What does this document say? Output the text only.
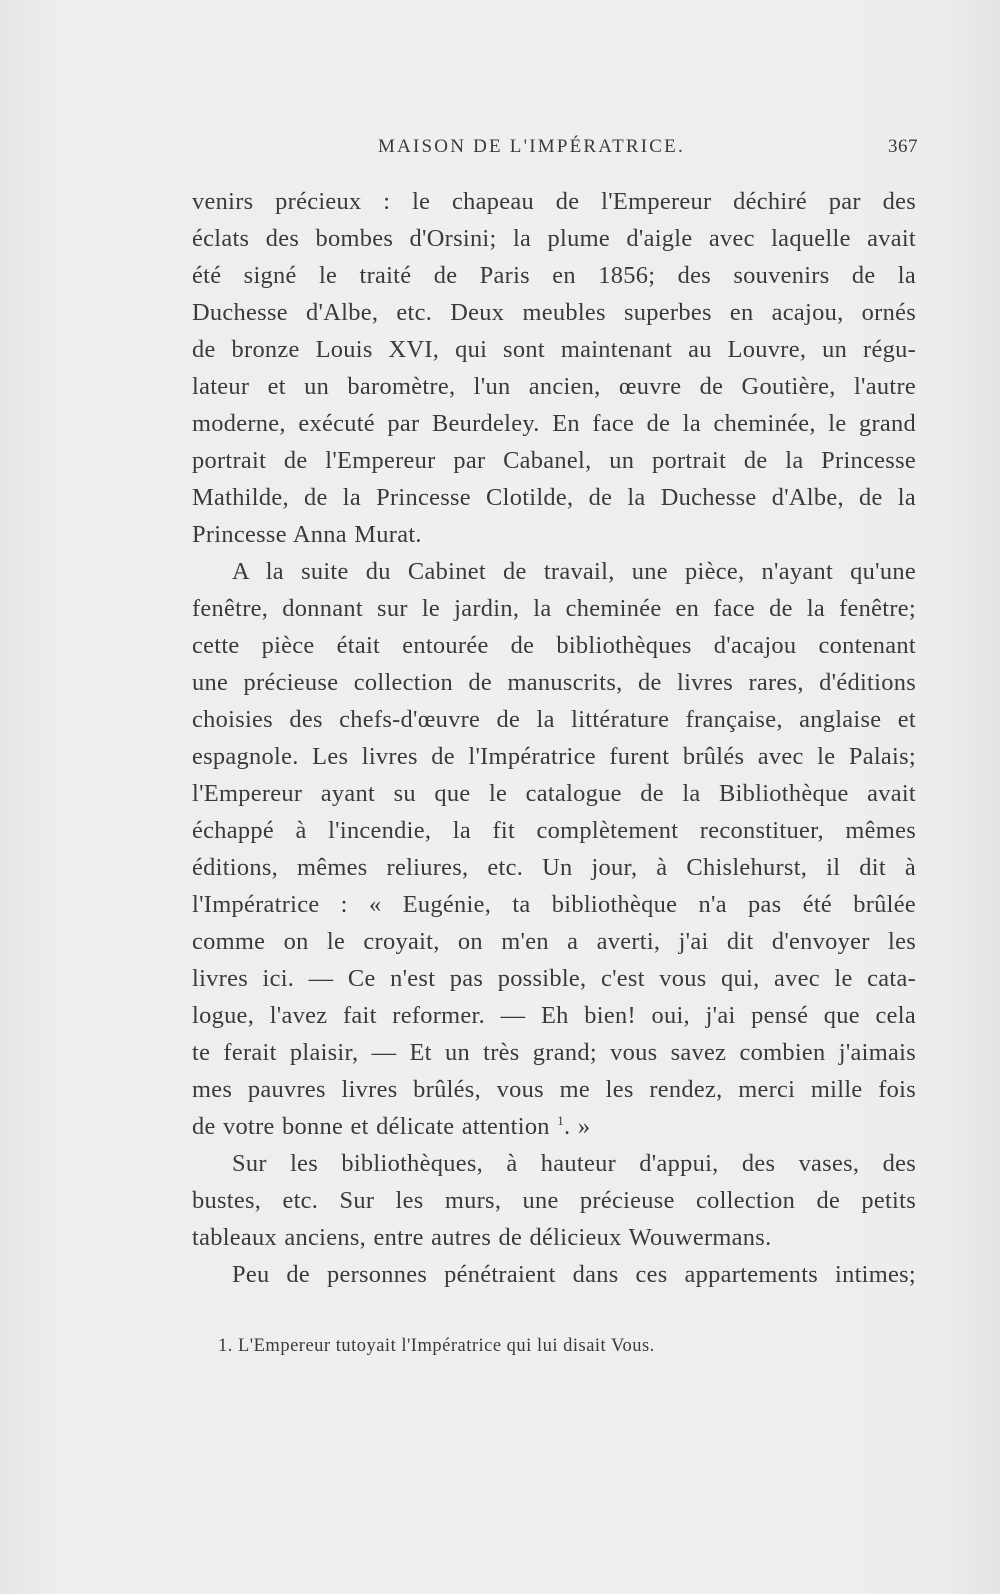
MAISON DE L'IMPÉRATRICE.	367
venirs précieux : le chapeau de l'Empereur déchiré par des
éclats des bombes d'Orsini; la plume d'aigle avec laquelle avait
été signé le traité de Paris en 1856; des souvenirs de la
Duchesse d'Albe, etc. Deux meubles superbes en acajou, ornés
de bronze Louis XVI, qui sont maintenant au Louvre, un régu-
lateur et un baromètre, l'un ancien, œuvre de Goutière, l'autre
moderne, exécuté par Beurdeley. En face de la cheminée, le grand
portrait de l'Empereur par Cabanel, un portrait de la Princesse
Mathilde, de la Princesse Clotilde, de la Duchesse d'Albe, de la
Princesse Anna Murat.
A la suite du Cabinet de travail, une pièce, n'ayant qu'une
fenêtre, donnant sur le jardin, la cheminée en face de la fenêtre;
cette pièce était entourée de bibliothèques d'acajou contenant
une précieuse collection de manuscrits, de livres rares, d'éditions
choisies des chefs-d'œuvre de la littérature française, anglaise et
espagnole. Les livres de l'Impératrice furent brûlés avec le Palais;
l'Empereur ayant su que le catalogue de la Bibliothèque avait
échappé à l'incendie, la fit complètement reconstituer, mêmes
éditions, mêmes reliures, etc. Un jour, à Chislehurst, il dit à
l'Impératrice : « Eugénie, ta bibliothèque n'a pas été brûlée
comme on le croyait, on m'en a averti, j'ai dit d'envoyer les
livres ici. — Ce n'est pas possible, c'est vous qui, avec le cata-
logue, l'avez fait reformer. — Eh bien! oui, j'ai pensé que cela
te ferait plaisir, — Et un très grand; vous savez combien j'aimais
mes pauvres livres brûlés, vous me les rendez, merci mille fois
de votre bonne et délicate attention $^1$. »
Sur les bibliothèques, à hauteur d'appui, des vases, des
bustes, etc. Sur les murs, une précieuse collection de petits
tableaux anciens, entre autres de délicieux Wouwermans.
Peu de personnes pénétraient dans ces appartements intimes;
1. L'Empereur tutoyait l'Impératrice qui lui disait Vous.
